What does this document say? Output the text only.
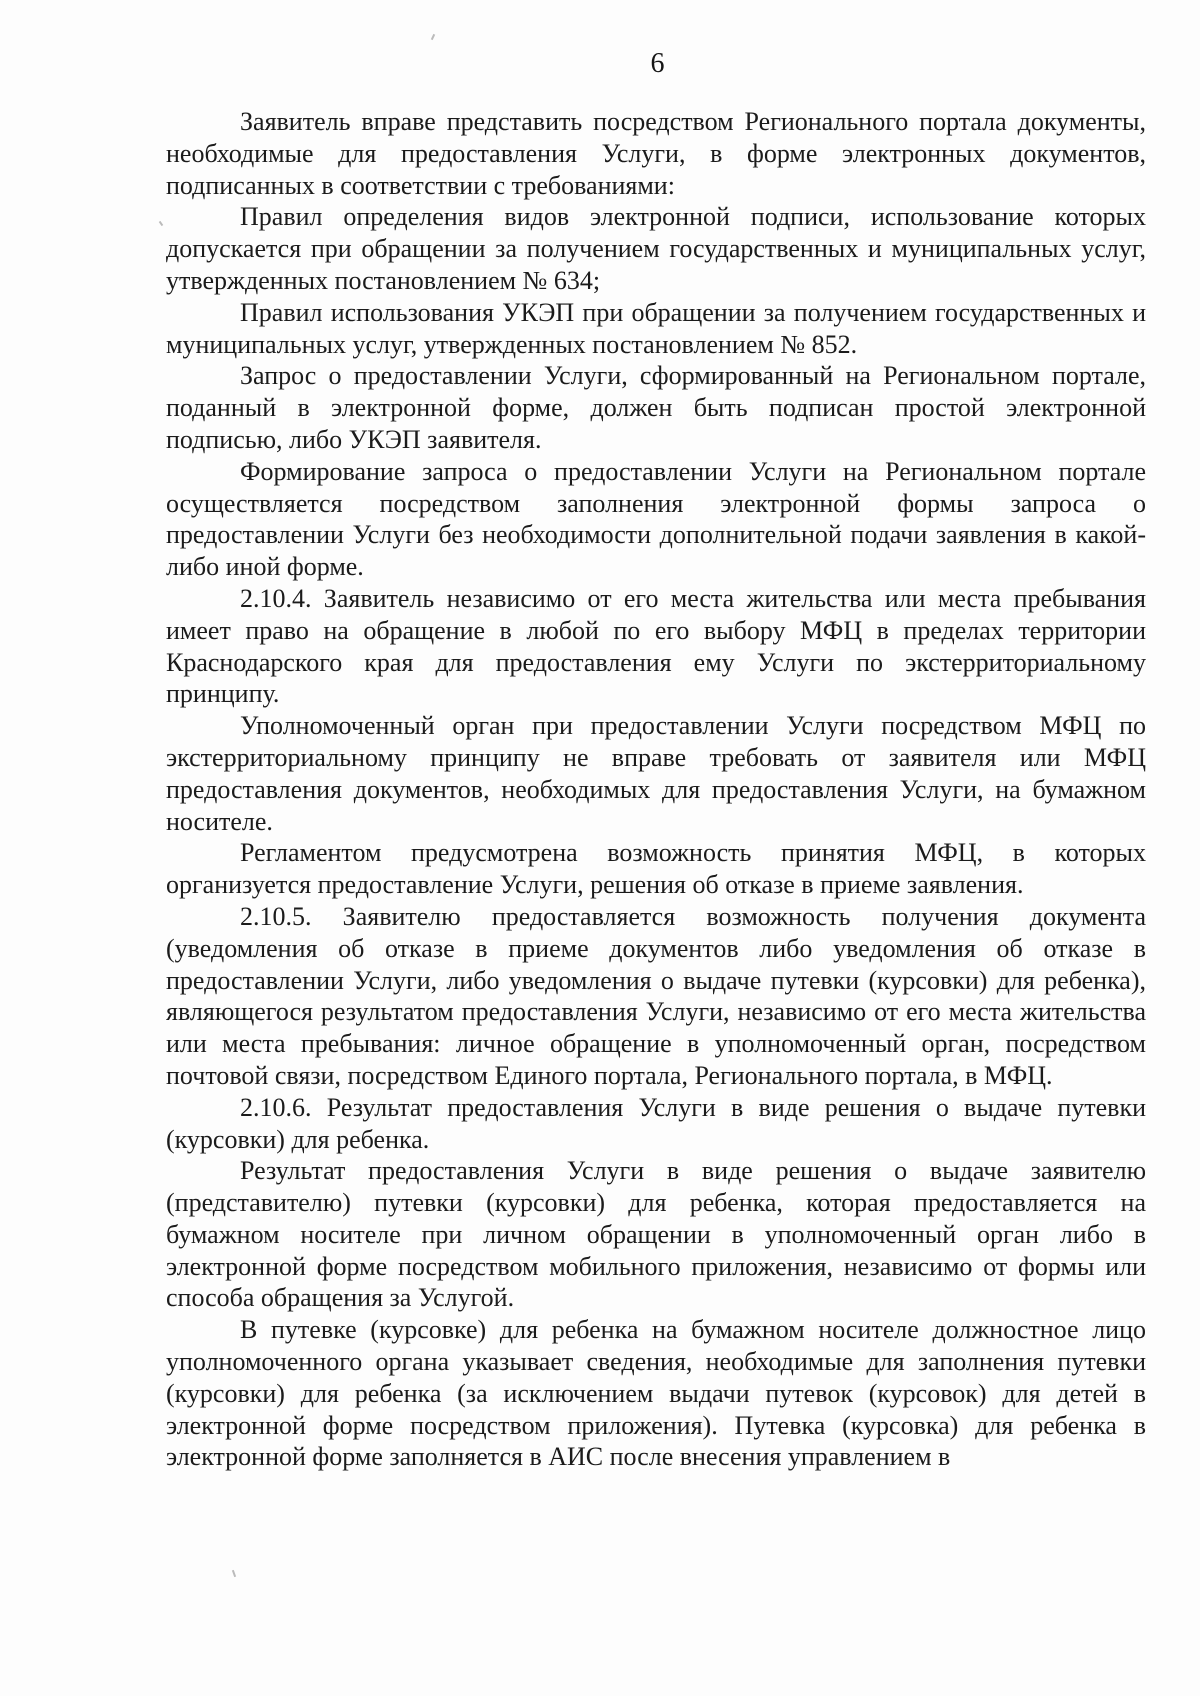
6

Заявитель вправе представить посредством Регионального портала документы, необходимые для предоставления Услуги, в форме электронных документов, подписанных в соответствии с требованиями:

Правил определения видов электронной подписи, использование которых допускается при обращении за получением государственных и муниципальных услуг, утвержденных постановлением № 634;

Правил использования УКЭП при обращении за получением государственных и муниципальных услуг, утвержденных постановлением № 852.

Запрос о предоставлении Услуги, сформированный на Региональном портале, поданный в электронной форме, должен быть подписан простой электронной подписью, либо УКЭП заявителя.

Формирование запроса о предоставлении Услуги на Региональном портале осуществляется посредством заполнения электронной формы запроса о предоставлении Услуги без необходимости дополнительной подачи заявления в какой-либо иной форме.

2.10.4. Заявитель независимо от его места жительства или места пребывания имеет право на обращение в любой по его выбору МФЦ в пределах территории Краснодарского края для предоставления ему Услуги по экстерриториальному принципу.

Уполномоченный орган при предоставлении Услуги посредством МФЦ по экстерриториальному принципу не вправе требовать от заявителя или МФЦ предоставления документов, необходимых для предоставления Услуги, на бумажном носителе.

Регламентом предусмотрена возможность принятия МФЦ, в которых организуется предоставление Услуги, решения об отказе в приеме заявления.

2.10.5. Заявителю предоставляется возможность получения документа (уведомления об отказе в приеме документов либо уведомления об отказе в предоставлении Услуги, либо уведомления о выдаче путевки (курсовки) для ребенка), являющегося результатом предоставления Услуги, независимо от его места жительства или места пребывания: личное обращение в уполномоченный орган, посредством почтовой связи, посредством Единого портала, Регионального портала, в МФЦ.

2.10.6. Результат предоставления Услуги в виде решения о выдаче путевки (курсовки) для ребенка.

Результат предоставления Услуги в виде решения о выдаче заявителю (представителю) путевки (курсовки) для ребенка, которая предоставляется на бумажном носителе при личном обращении в уполномоченный орган либо в электронной форме посредством мобильного приложения, независимо от формы или способа обращения за Услугой.

В путевке (курсовке) для ребенка на бумажном носителе должностное лицо уполномоченного органа указывает сведения, необходимые для заполнения путевки (курсовки) для ребенка (за исключением выдачи путевок (курсовок) для детей в электронной форме посредством приложения). Путевка (курсовка) для ребенка в электронной форме заполняется в АИС после внесения управлением в
